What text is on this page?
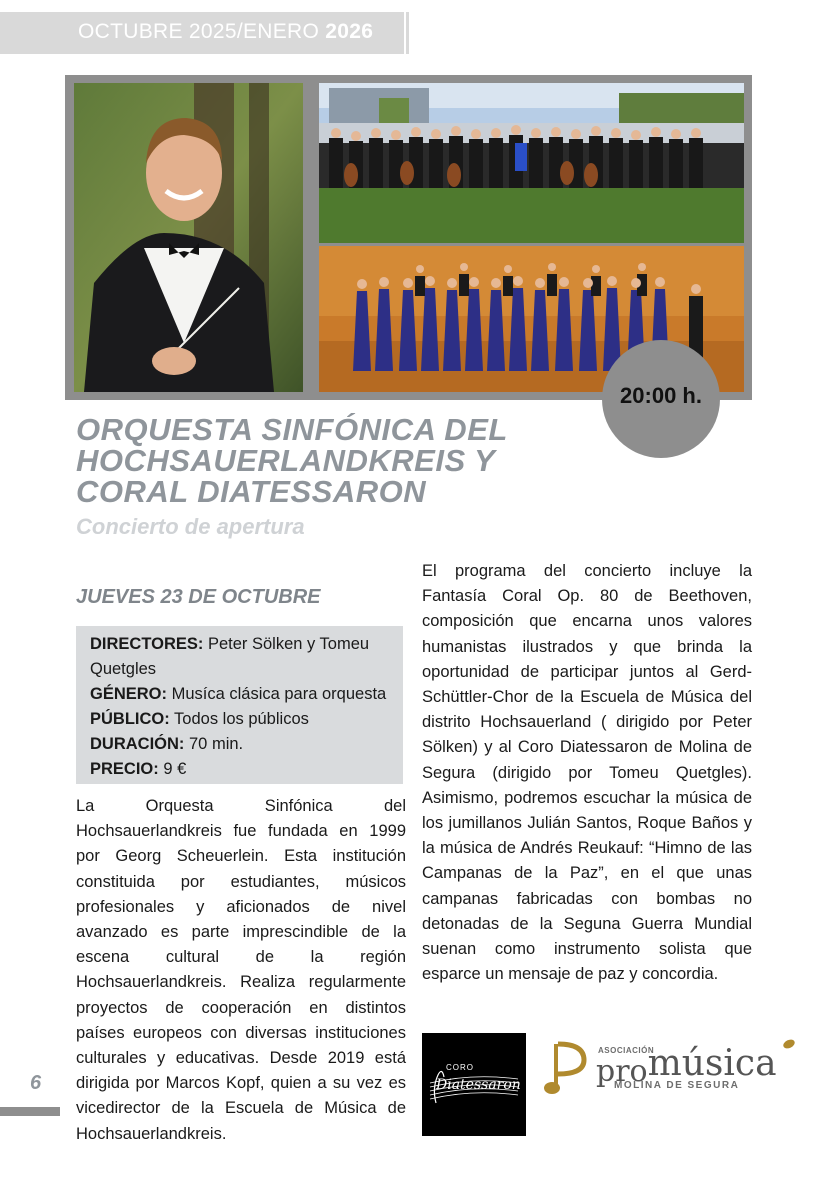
OCTUBRE 2025/ENERO 2026
20:00 h.
ORQUESTA SINFÓNICA DEL
HOCHSAUERLANDKREIS Y
CORAL DIATESSARON
Concierto de apertura
JUEVES 23 DE OCTUBRE
DIRECTORES: Peter Sölken y Tomeu Quetgles
GÉNERO: Musíca clásica para orquesta
PÚBLICO: Todos los públicos
DURACIÓN: 70 min.
PRECIO: 9 €
La Orquesta Sinfónica del Hochsauerlandkreis fue fundada en 1999 por Georg Scheuerlein. Esta institución constituida por estudiantes, músicos profesionales y aficionados de nivel avanzado es parte imprescindible de la escena cultural de la región Hochsauerlandkreis. Realiza regularmente proyectos de cooperación en distintos países europeos con diversas instituciones culturales y educativas. Desde 2019 está dirigida por Marcos Kopf, quien a su vez es vicedirector de la Escuela de Música de Hochsauerlandkreis.
El programa del concierto incluye la Fantasía Coral Op. 80 de Beethoven, composición que encarna unos valores humanistas ilustrados y que brinda la oportunidad de participar juntos al Gerd-Schüttler-Chor de la Escuela de Música del distrito Hochsauerland ( dirigido por Peter Sölken) y al Coro Diatessaron de Molina de Segura (dirigido por Tomeu Quetgles). Asimismo, podremos escuchar la música de los jumillanos Julián Santos, Roque Baños y la música de Andrés Reukauf: “Himno de las Campanas de la Paz”, en el que unas campanas fabricadas con bombas no detonadas de la Seguna Guerra Mundial suenan como instrumento solista que esparce un mensaje de paz y concordia.
6
CORO
Diatessaron
ASOCIACIÓN
promúsica
MOLINA DE SEGURA
